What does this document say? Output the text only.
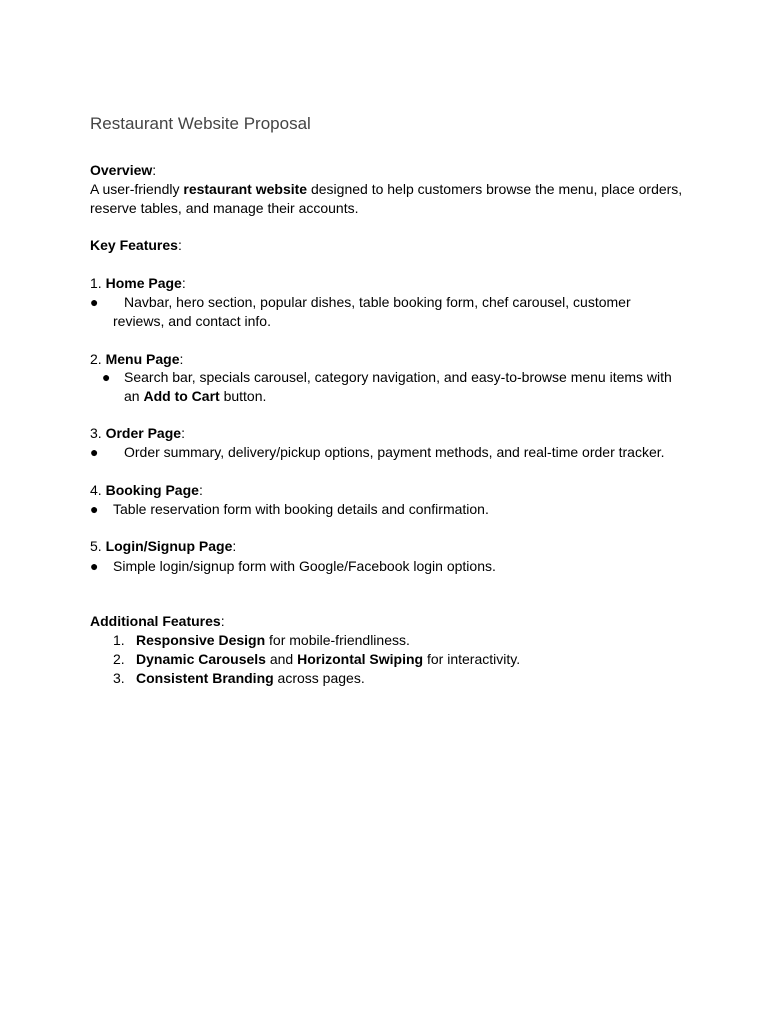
Restaurant Website Proposal
Overview:
A user-friendly restaurant website designed to help customers browse the menu, place orders,
reserve tables, and manage their accounts.
Key Features:
1. Home Page:
● Navbar, hero section, popular dishes, table booking form, chef carousel, customer
reviews, and contact info.
2. Menu Page:
● Search bar, specials carousel, category navigation, and easy-to-browse menu items with
an Add to Cart button.
3. Order Page:
● Order summary, delivery/pickup options, payment methods, and real-time order tracker.
4. Booking Page:
● Table reservation form with booking details and confirmation.
5. Login/Signup Page:
● Simple login/signup form with Google/Facebook login options.
Additional Features:
1. Responsive Design for mobile-friendliness.
2. Dynamic Carousels and Horizontal Swiping for interactivity.
3. Consistent Branding across pages.
